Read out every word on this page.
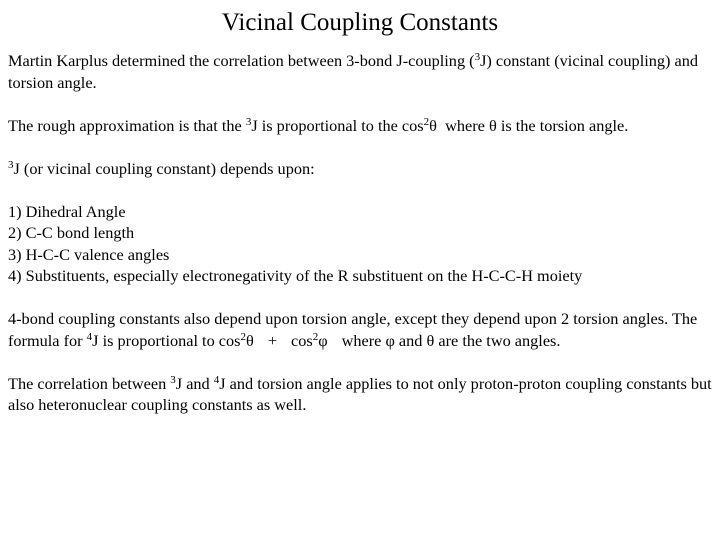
Vicinal Coupling Constants

Martin Karplus determined the correlation between 3-bond J-coupling ($^3$J) constant (vicinal coupling) and torsion angle.

The rough approximation is that the $^3$J is proportional to the $\cos^2\theta$  where θ is the torsion angle.

$^3$J (or vicinal coupling constant) depends upon:

1) Dihedral Angle
2) C-C bond length
3) H-C-C valence angles
4) Substituents, especially electronegativity of the R substituent on the H-C-C-H moiety

4-bond coupling constants also depend upon torsion angle, except they depend upon 2 torsion angles. The formula for $^4$J is proportional to $\cos^2\theta + \cos^2\varphi$ where φ and θ are the two angles.

The correlation between $^3$J and $^4$J and torsion angle applies to not only proton-proton coupling constants but also heteronuclear coupling constants as well.
